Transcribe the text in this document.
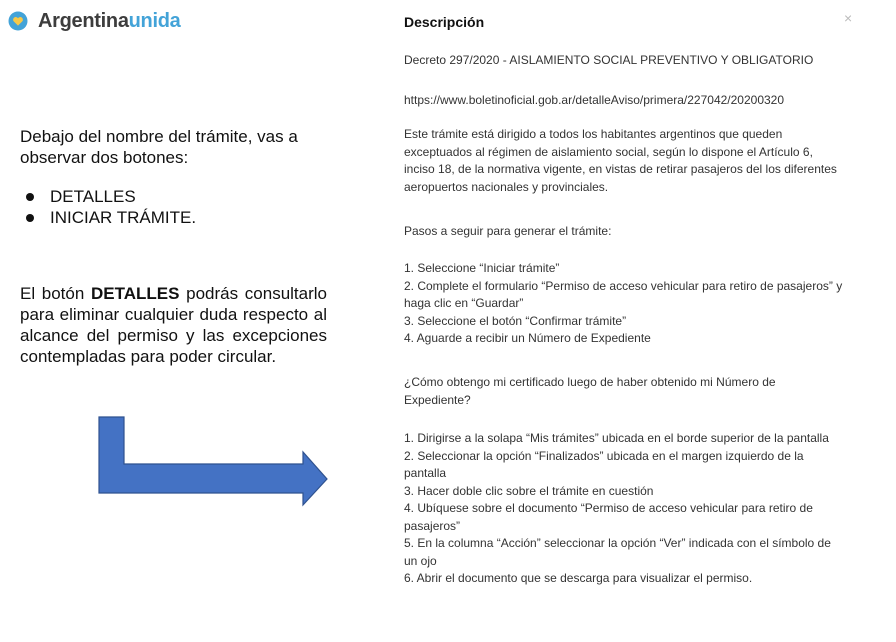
Argentinaunida
Debajo del nombre del trámite, vas a observar dos botones:
DETALLES
INICIAR TRÁMITE.
El botón DETALLES podrás consultarlo para eliminar cualquier duda respecto al alcance del permiso y las excepciones contempladas para poder circular.
Descripción	×
Decreto 297/2020 - AISLAMIENTO SOCIAL PREVENTIVO Y OBLIGATORIO
https://www.boletinoficial.gob.ar/detalleAviso/primera/227042/20200320
Este trámite está dirigido a todos los habitantes argentinos que queden exceptuados al régimen de aislamiento social, según lo dispone el Artículo 6, inciso 18, de la normativa vigente, en vistas de retirar pasajeros del los diferentes aeropuertos nacionales y provinciales.
Pasos a seguir para generar el trámite:
1. Seleccione “Iniciar trámite”
2. Complete el formulario “Permiso de acceso vehicular para retiro de pasajeros” y haga clic en “Guardar”
3. Seleccione el botón “Confirmar trámite”
4. Aguarde a recibir un Número de Expediente
¿Cómo obtengo mi certificado luego de haber obtenido mi Número de Expediente?
1. Dirigirse a la solapa “Mis trámites” ubicada en el borde superior de la pantalla
2. Seleccionar la opción “Finalizados” ubicada en el margen izquierdo de la pantalla
3. Hacer doble clic sobre el trámite en cuestión
4. Ubíquese sobre el documento “Permiso de acceso vehicular para retiro de pasajeros”
5. En la columna “Acción” seleccionar la opción “Ver” indicada con el símbolo de un ojo
6. Abrir el documento que se descarga para visualizar el permiso.
